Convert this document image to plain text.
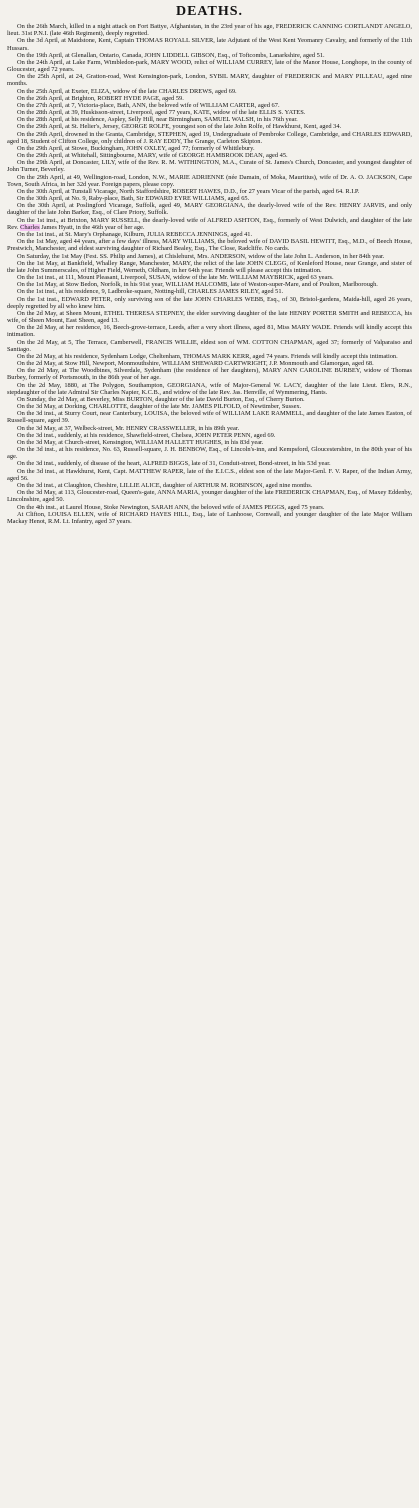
DEATHS.

On the 26th March, killed in a night attack on Fort Battye, Afghanistan, in the 23rd year of his age, FREDERICK CANNING CORTLANDT ANGELO, lieut. 31st P.N.I. (late 46th Regiment), deeply regretted.

On the 3d April, at Maidstone, Kent, Captain THOMAS ROYALL SILVER, late Adjutant of the West Kent Yeomanry Cavalry, and formerly of the 11th Hussars.

On the 19th April, at Glenallan, Ontario, Canada, JOHN LIDDELL GIBSON, Esq., of Toftcombs, Lanarkshire, aged 51.

On the 24th April, at Lake Farm, Wimbledon-park, MARY WOOD, relict of WILLIAM CURREY, late of the Manor House, Longhope, in the county of Gloucester, aged 72 years.

On the 25th April, at 24, Gratton-road, West Kensington-park, London, SYBIL MARY, daughter of FREDERICK and MARY PILLEAU, aged nine months.

On the 25th April, at Exeter, ELIZA, widow of the late CHARLES DREWS, aged 69.

On the 26th April, at Brighton, ROBERT HYDE PAGE, aged 59.

On the 27th April, at 7, Victoria-place, Bath, ANN, the beloved wife of WILLIAM CARTER, aged 67.

On the 28th April, at 39, Huskisson-street, Liverpool, aged 77 years, KATE, widow of the late ELLIS S. YATES.

On the 28th April, at his residence, Aspley, Selly Hill, near Birmingham, SAMUEL WALSH, in his 76th year.

On the 29th April, at St. Helier's, Jersey, GEORGE ROLFE, youngest son of the late John Rolfe, of Hawkhurst, Kent, aged 34.

On the 29th April, drowned in the Granta, Cambridge, STEPHEN, aged 19, Undergraduate of Pembroke College, Cambridge, and CHARLES EDWARD, aged 18, Student of Clifton College, only children of J. RAY EDDY, The Grange, Carleton Skipton.

On the 29th April, at Stowe, Buckingham, JOHN OXLEY, aged 77; formerly of Whittlebury.

On the 29th April, at Whitehall, Sittingbourne, MARY, wife of GEORGE HAMBROOK DEAN, aged 45.

On the 29th April, at Doncaster, LILY, wife of the Rev. R. M. WITHINGTON, M.A., Curate of St. James's Church, Doncaster, and youngest daughter of John Turner, Beverley.

On the 29th April, at 49, Wellington-road, London, N.W., MARIE ADRIENNE (née Damain, of Moka, Mauritius), wife of Dr. A. O. JACKSON, Cape Town, South Africa, in her 32d year. Foreign papers, please copy.

On the 30th April, at Tunstall Vicarage, North Staffordshire, ROBERT HAWES, D.D., for 27 years Vicar of the parish, aged 64. R.I.P.

On the 30th April, at No. 9, Raby-place, Bath, Sir EDWARD EYRE WILLIAMS, aged 65.

On the 30th April, at Poslingford Vicarage, Suffolk, aged 49, MARY GEORGIANA, the dearly-loved wife of the Rev. HENRY JARVIS, and only daughter of the late John Barker, Esq., of Clare Priory, Suffolk.

On the 1st inst., at Brixton, MARY RUSSELL, the dearly-loved wife of ALFRED ASHTON, Esq., formerly of West Dulwich, and daughter of the late Rev. Charles James Hyatt, in the 46th year of her age.

On the 1st inst., at St. Mary's Orphanage, Kilburn, JULIA REBECCA JENNINGS, aged 41.

On the 1st May, aged 44 years, after a few days' illness, MARY WILLIAMS, the beloved wife of DAVID BASIL HEWITT, Esq., M.D., of Beech House, Prestwich, Manchester, and eldest surviving daughter of Richard Bealey, Esq., The Close, Radcliffe. No cards.

On Saturday, the 1st May (Fest. SS. Philip and James), at Chislehurst, Mrs. ANDERSON, widow of the late John L. Anderson, in her 84th year.

On the 1st May, at Bankfield, Whalley Range, Manchester, MARY, the relict of the late JOHN CLEGG, of Kenleford House, near Grange, and sister of the late John Summerscales, of Higher Field, Werneth, Oldham, in her 64th year. Friends will please accept this intimation.

On the 1st inst., at 111, Mount Pleasant, Liverpool, SUSAN, widow of the late Mr. WILLIAM MAYBRICK, aged 63 years.

On the 1st May, at Stow Bedon, Norfolk, in his 91st year, WILLIAM HALCOMB, late of Weston-super-Mare, and of Poulton, Marlborough.

On the 1st inst., at his residence, 9, Ladbroke-square, Notting-hill, CHARLES JAMES RILEY, aged 51.

On the 1st inst., EDWARD PETER, only surviving son of the late JOHN CHARLES WEBB, Esq., of 30, Bristol-gardens, Maida-hill, aged 26 years, deeply regretted by all who knew him.

On the 2d May, at Sheen Mount, ETHEL THERESA STEPNEY, the elder surviving daughter of the late HENRY PORTER SMITH and REBECCA, his wife, of Sheen Mount, East Sheen, aged 13.

On the 2d May, at her residence, 16, Beech-grove-terrace, Leeds, after a very short illness, aged 81, Miss MARY WADE. Friends will kindly accept this intimation.

On the 2d May, at 5, The Terrace, Camberwell, FRANCIS WILLIE, eldest son of WM. COTTON CHAPMAN, aged 37; formerly of Valparaiso and Santiago.

On the 2d May, at his residence, Sydenham Lodge, Cheltenham, THOMAS MARK KERR, aged 74 years. Friends will kindly accept this intimation.

On the 2d May, at Stow Hill, Newport, Monmouthshire, WILLIAM SHEWARD CARTWRIGHT, J.P. Monmouth and Glamorgan, aged 68.

On the 2d May, at The Woodbines, Silverdale, Sydenham (the residence of her daughters), MARY ANN CAROLINE BURBEY, widow of Thomas Burbey, formerly of Portsmouth, in the 86th year of her age.

On the 2d May, 1880, at The Polygon, Southampton, GEORGIANA, wife of Major-General W. LACY, daughter of the late Lieut. Elers, R.N., stepdaughter of the late Admiral Sir Charles Napier, K.C.B., and widow of the late Rev. Jas. Henville, of Wymmering, Hants.

On Sunday, the 2d May, at Beverley, Miss BURTON, daughter of the late David Burton, Esq., of Cherry Burton.

On the 3d May, at Dorking, CHARLOTTE, daughter of the late Mr. JAMES PILFOLD, of Newtimber, Sussex.

On the 3d inst., at Sturry Court, near Canterbury, LOUISA, the beloved wife of WILLIAM LAKE RAMMELL, and daughter of the late James Easton, of Russell-square, aged 39.

On the 3d May, at 37, Welbeck-street, Mr. HENRY CRASSWELLER, in his 89th year.

On the 3d inst., suddenly, at his residence, Shawfield-street, Chelsea, JOHN PETER PENN, aged 69.

On the 3d May, at Church-street, Kensington, WILLIAM HALLETT HUGHES, in his 83d year.

On the 3d inst., at his residence, No. 63, Russell-square, J. H. BENBOW, Esq., of Lincoln's-inn, and Kempsford, Gloucestershire, in the 80th year of his age.

On the 3d inst., suddenly, of disease of the heart, ALFRED BIGGS, late of 31, Conduit-street, Bond-street, in his 53d year.

On the 3d inst., at Hawkhurst, Kent, Capt. MATTHEW RAPER, late of the E.I.C.S., eldest son of the late Major-Genl. F. V. Raper, of the Indian Army, aged 56.

On the 3d inst., at Claughton, Cheshire, LILLIE ALICE, daughter of ARTHUR M. ROBINSON, aged nine months.

On the 3d May, at 113, Gloucester-road, Queen's-gate, ANNA MARIA, younger daughter of the late FREDERICK CHAPMAN, Esq., of Maxey Eddenby, Lincolnshire, aged 50.

On the 4th inst., at Laurel House, Stoke Newington, SARAH ANN, the beloved wife of JAMES PEGGS, aged 75 years.

At Clifton, LOUISA ELLEN, wife of RICHARD HAYES HILL, Esq., late of Lanhoose, Cornwall, and younger daughter of the late Major William Mackay Henot, R.M. Lt. Infantry, aged 37 years.
